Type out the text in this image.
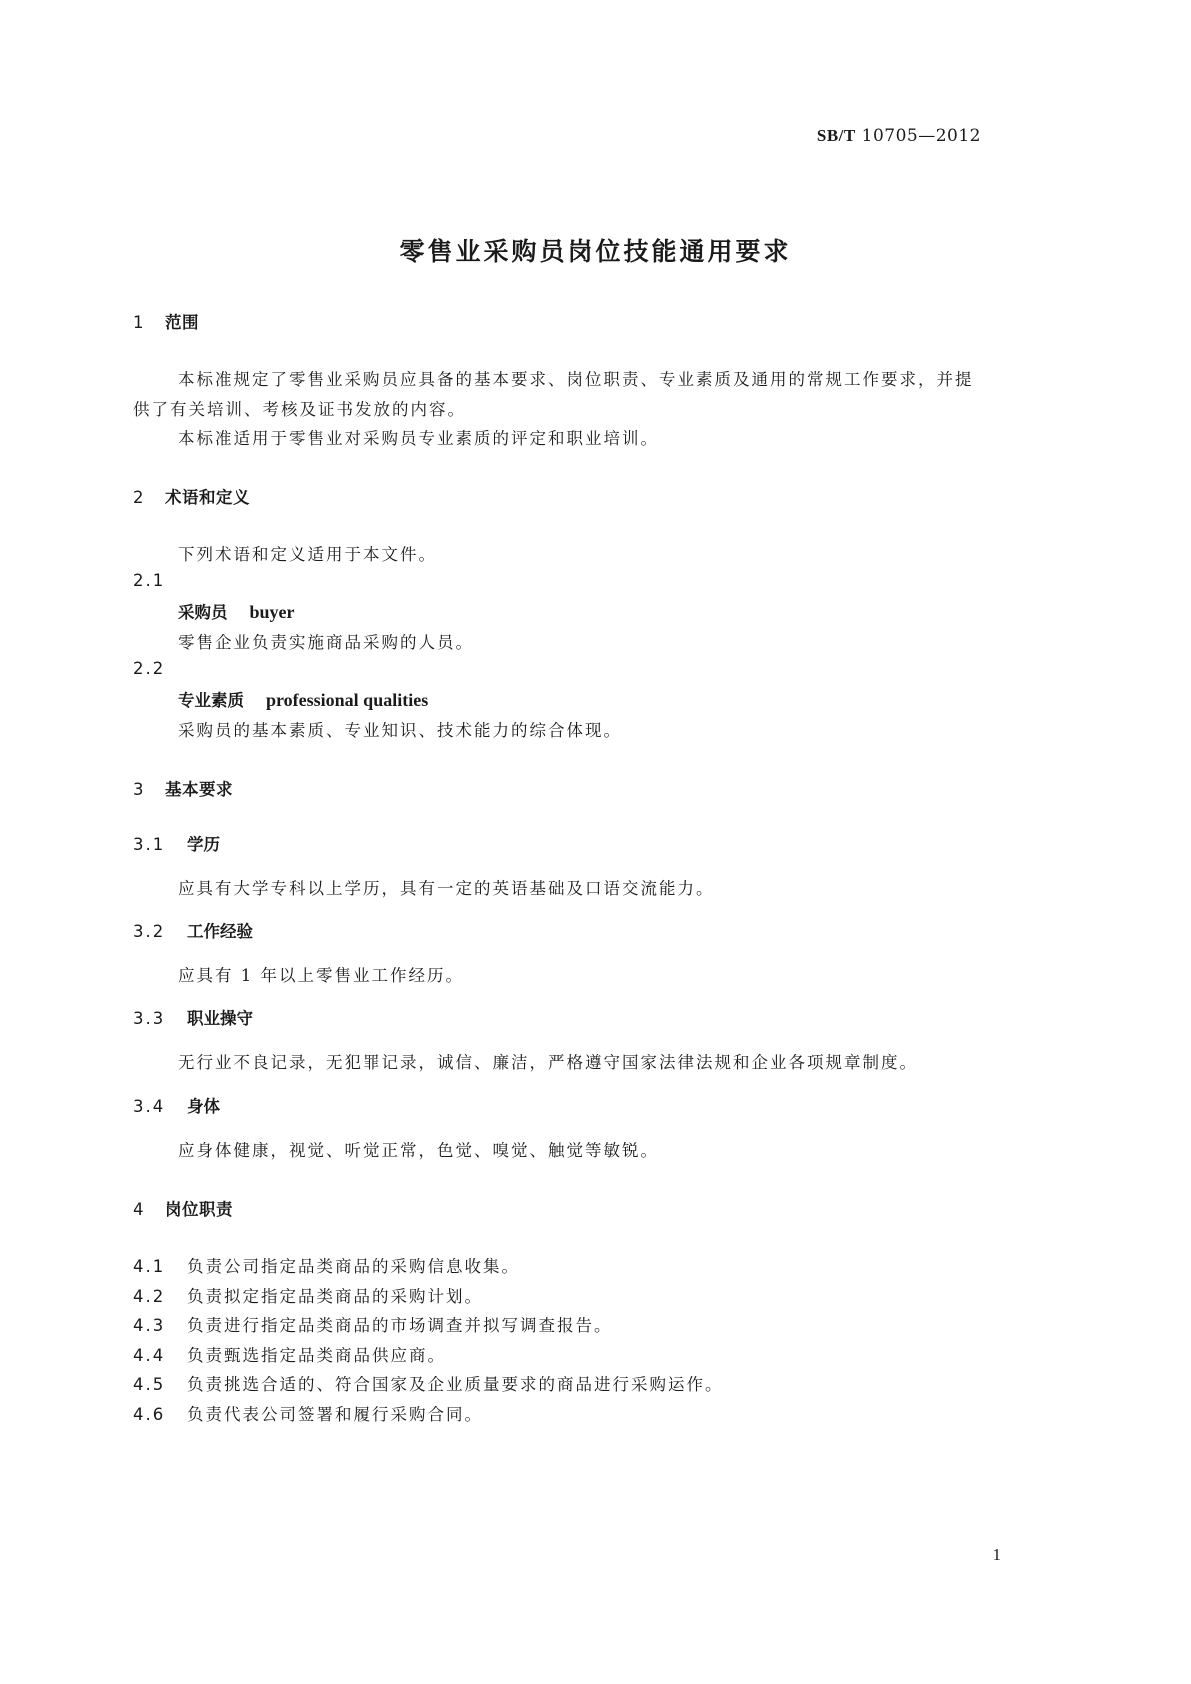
SB/T 10705—2012
零售业采购员岗位技能通用要求
1 范围
本标准规定了零售业采购员应具备的基本要求、岗位职责、专业素质及通用的常规工作要求，并提
供了有关培训、考核及证书发放的内容。
本标准适用于零售业对采购员专业素质的评定和职业培训。
2 术语和定义
下列术语和定义适用于本文件。
2.1
采购员 buyer
零售企业负责实施商品采购的人员。
2.2
专业素质 professional qualities
采购员的基本素质、专业知识、技术能力的综合体现。
3 基本要求
3.1 学历
应具有大学专科以上学历，具有一定的英语基础及口语交流能力。
3.2 工作经验
应具有 1 年以上零售业工作经历。
3.3 职业操守
无行业不良记录，无犯罪记录，诚信、廉洁，严格遵守国家法律法规和企业各项规章制度。
3.4 身体
应身体健康，视觉、听觉正常，色觉、嗅觉、触觉等敏锐。
4 岗位职责
4.1 负责公司指定品类商品的采购信息收集。
4.2 负责拟定指定品类商品的采购计划。
4.3 负责进行指定品类商品的市场调查并拟写调查报告。
4.4 负责甄选指定品类商品供应商。
4.5 负责挑选合适的、符合国家及企业质量要求的商品进行采购运作。
4.6 负责代表公司签署和履行采购合同。
1
